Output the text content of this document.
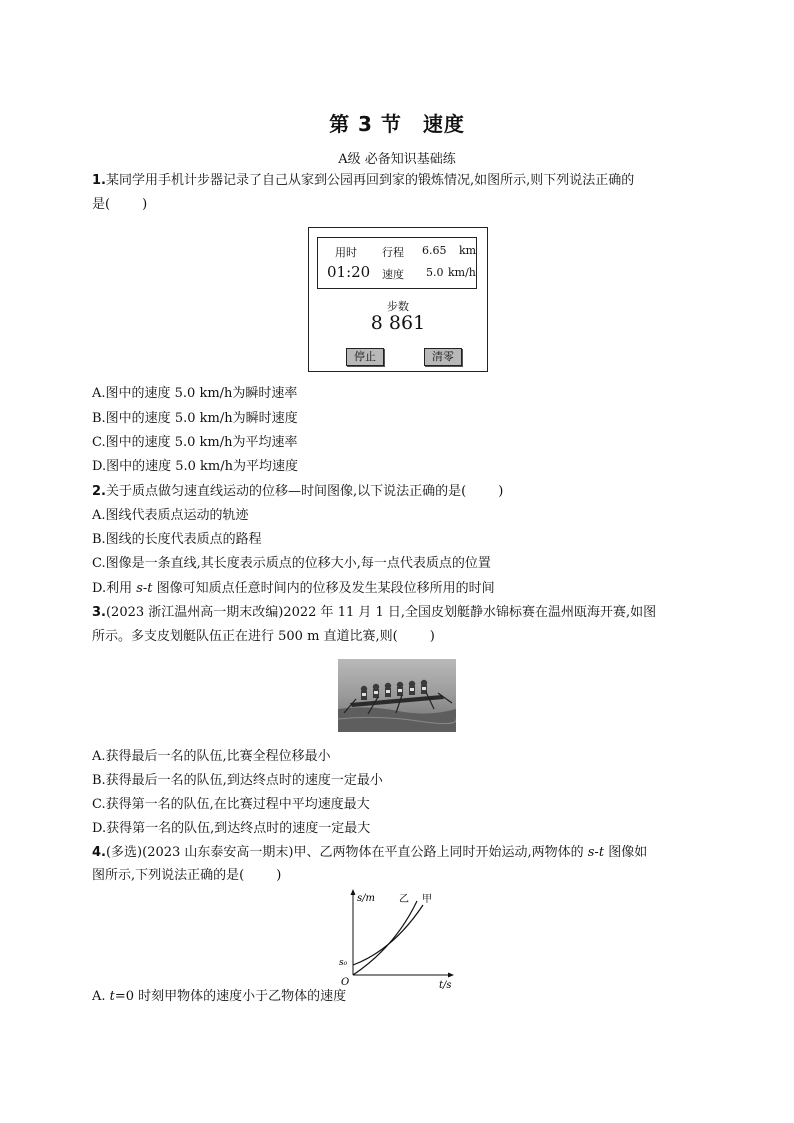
第 3 节　速度
A级 必备知识基础练
1.某同学用手机计步器记录了自己从家到公园再回到家的锻炼情况,如图所示,则下列说法正确的
是( )
用时 行程 6.65 km
01:20 速度 5.0 km/h
步数
8 861
停止	清零
A.图中的速度 5.0 km/h为瞬时速率
B.图中的速度 5.0 km/h为瞬时速度
C.图中的速度 5.0 km/h为平均速率
D.图中的速度 5.0 km/h为平均速度
2.关于质点做匀速直线运动的位移—时间图像,以下说法正确的是( )
A.图线代表质点运动的轨迹
B.图线的长度代表质点的路程
C.图像是一条直线,其长度表示质点的位移大小,每一点代表质点的位置
D.利用 s-t 图像可知质点任意时间内的位移及发生某段位移所用的时间
3.(2023 浙江温州高一期末改编)2022 年 11 月 1 日,全国皮划艇静水锦标赛在温州瓯海开赛,如图
所示。多支皮划艇队伍正在进行 500 m 直道比赛,则( )
A.获得最后一名的队伍,比赛全程位移最小
B.获得最后一名的队伍,到达终点时的速度一定最小
C.获得第一名的队伍,在比赛过程中平均速度最大
D.获得第一名的队伍,到达终点时的速度一定最大
4.(多选)(2023 山东泰安高一期末)甲、乙两物体在平直公路上同时开始运动,两物体的 s-t 图像如
图所示,下列说法正确的是( )
s/m
t/s
O
s₀
乙 甲
A. t=0 时刻甲物体的速度小于乙物体的速度
